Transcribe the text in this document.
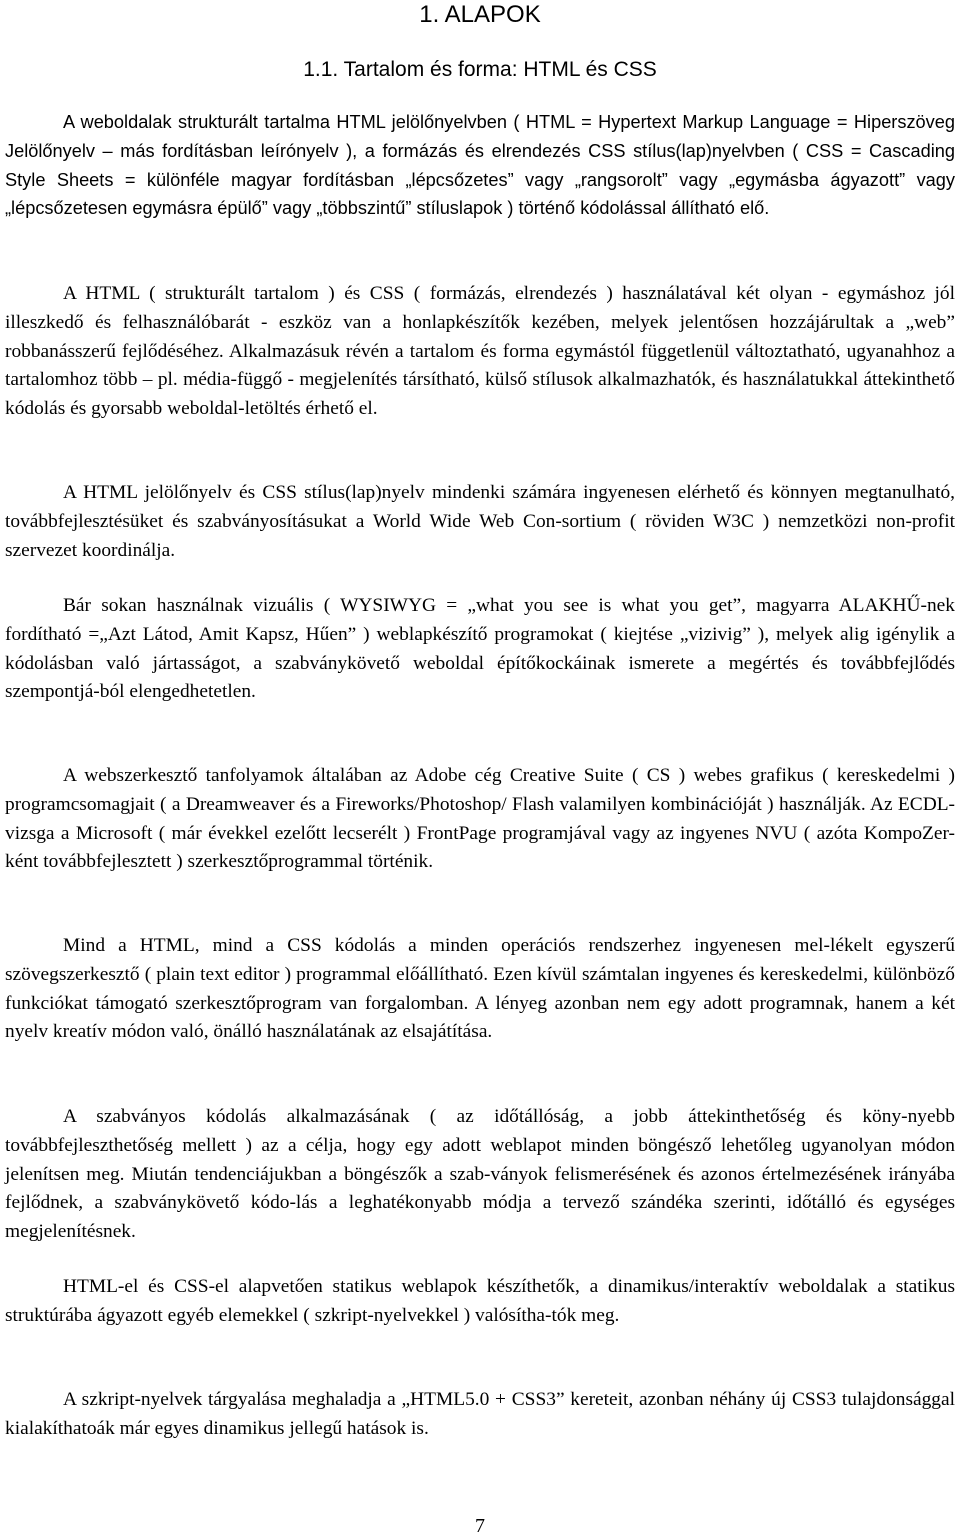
1. ALAPOK
1.1. Tartalom és forma: HTML és CSS
A weboldalak strukturált tartalma HTML jelölőnyelvben ( HTML = Hypertext Markup Language = Hiperszöveg Jelölőnyelv – más fordításban leírónyelv ), a formázás és elrendezés CSS stílus(lap)nyelvben ( CSS = Cascading Style Sheets = különféle magyar fordításban „lépcsőzetes” vagy „rangsorolt” vagy „egymásba ágyazott” vagy „lépcsőzetesen egymásra épülő” vagy „többszintű” stíluslapok ) történő kódolással állítható elő.
A HTML ( strukturált tartalom ) és CSS ( formázás, elrendezés ) használatával két olyan - egymáshoz jól illeszkedő és felhasználóbarát - eszköz van a honlapkészítők kezében, melyek jelentősen hozzájárultak a „web” robbanásszerű fejlődéséhez. Alkalmazásuk révén a tartalom és forma egymástól függetlenül változtatható, ugyanahhoz a tartalomhoz több – pl. média-függő - megjelenítés társítható, külső stílusok alkalmazhatók, és használatukkal áttekinthető kódolás és gyorsabb weboldal-letöltés érhető el.
A HTML jelölőnyelv és CSS stílus(lap)nyelv mindenki számára ingyenesen elérhető és könnyen megtanulható, továbbfejlesztésüket és szabványosításukat a World Wide Web Con-sortium ( röviden W3C ) nemzetközi non-profit szervezet koordinálja.
Bár sokan használnak vizuális ( WYSIWYG = „what you see is what you get”, magyarra ALAKHŰ-nek fordítható =„Azt Látod, Amit Kapsz, Hűen” ) weblapkészítő programokat ( kiejtése „vizivig” ), melyek alig igénylik a kódolásban való jártasságot, a szabványkövető weboldal építőkockáinak ismerete a megértés és továbbfejlődés szempontjá-ból elengedhetetlen.
A webszerkesztő tanfolyamok általában az Adobe cég Creative Suite ( CS ) webes grafikus ( kereskedelmi ) programcsomagjait ( a Dreamweaver és a Fireworks/Photoshop/ Flash valamilyen kombinációját ) használják. Az ECDL-vizsga a Microsoft ( már évekkel ezelőtt lecserélt ) FrontPage programjával vagy az ingyenes NVU ( azóta KompoZer-ként továbbfejlesztett ) szerkesztőprogrammal történik.
Mind a HTML, mind a CSS kódolás a minden operációs rendszerhez ingyenesen mel-lékelt egyszerű szövegszerkesztő ( plain text editor ) programmal előállítható. Ezen kívül számtalan ingyenes és kereskedelmi, különböző funkciókat támogató szerkesztőprogram van forgalomban. A lényeg azonban nem egy adott programnak, hanem a két nyelv kreatív módon való, önálló használatának az elsajátítása.
A szabványos kódolás alkalmazásának ( az időtállóság, a jobb áttekinthetőség és köny-nyebb továbbfejleszthetőség mellett ) az a célja, hogy egy adott weblapot minden böngésző lehetőleg ugyanolyan módon jelenítsen meg. Miután tendenciájukban a böngészők a szab-ványok felismerésének és azonos értelmezésének irányába fejlődnek, a szabványkövető kódo-lás a leghatékonyabb módja a tervező szándéka szerinti, időtálló és egységes megjelenítésnek.
HTML-el és CSS-el alapvetően statikus weblapok készíthetők, a dinamikus/interaktív weboldalak a statikus struktúrába ágyazott egyéb elemekkel ( szkript-nyelvekkel ) valósítha-tók meg.
A szkript-nyelvek tárgyalása meghaladja a „HTML5.0 + CSS3” kereteit, azonban néhány új CSS3 tulajdonsággal kialakíthatoák már egyes dinamikus jellegű hatások is.
7
